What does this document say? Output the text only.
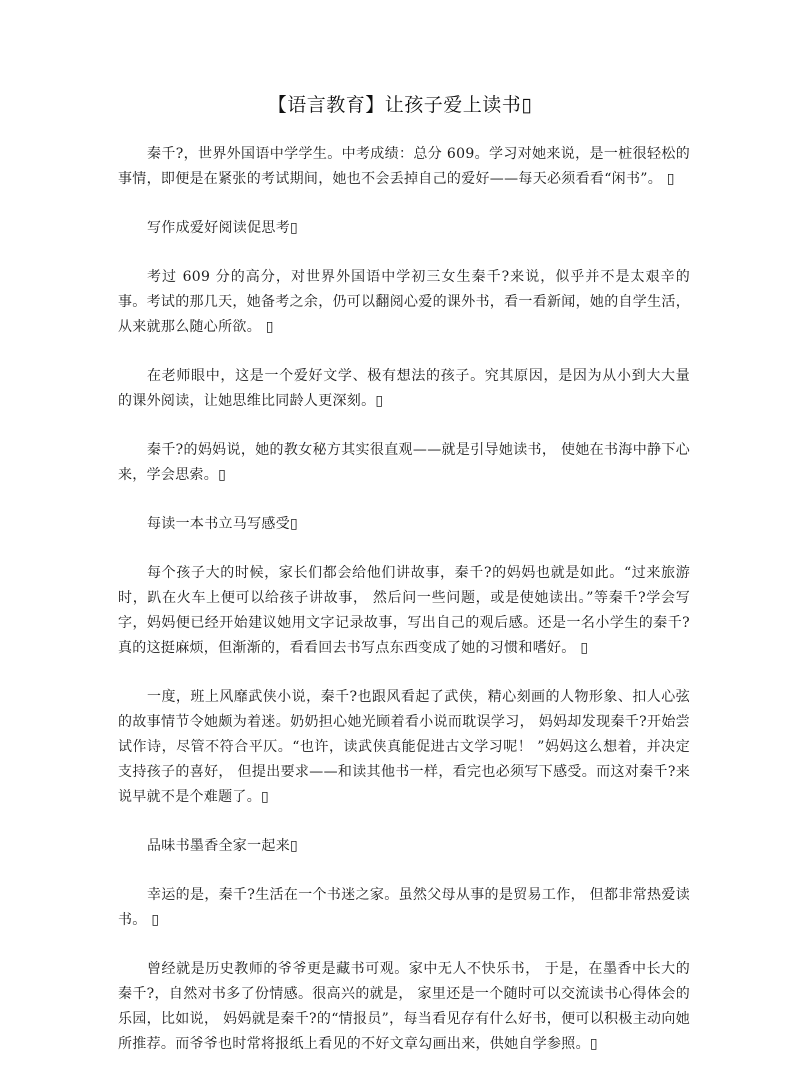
【语言教育】让孩子爱上读书▯

秦千?，世界外国语中学学生。中考成绩：总分 609。学习对她来说，是一桩很轻松的事情，即便是在紧张的考试期间，她也不会丢掉自己的爱好——每天必须看看“闲书”。 ▯

写作成爱好阅读促思考▯

考过 609 分的高分，对世界外国语中学初三女生秦千?来说，似乎并不是太艰辛的事。考试的那几天，她备考之余，仍可以翻阅心爱的课外书，看一看新闻，她的自学生活，从来就那么随心所欲。 ▯

在老师眼中，这是一个爱好文学、极有想法的孩子。究其原因，是因为从小到大大量的课外阅读，让她思维比同龄人更深刻。▯

秦千?的妈妈说，她的教女秘方其实很直观——就是引导她读书， 使她在书海中静下心来，学会思索。▯

每读一本书立马写感受▯

每个孩子大的时候，家长们都会给他们讲故事，秦千?的妈妈也就是如此。“过来旅游时，趴在火车上便可以给孩子讲故事， 然后问一些问题，或是使她读出。”等秦千?学会写字，妈妈便已经开始建议她用文字记录故事，写出自己的观后感。还是一名小学生的秦千?真的这挺麻烦，但渐渐的，看看回去书写点东西变成了她的习惯和嗜好。 ▯

一度，班上风靡武侠小说，秦千?也跟风看起了武侠，精心刻画的人物形象、扣人心弦的故事情节令她颇为着迷。奶奶担心她光顾着看小说而耽误学习， 妈妈却发现秦千?开始尝试作诗，尽管不符合平仄。“也许，读武侠真能促进古文学习呢！ ”妈妈这么想着，并决定支持孩子的喜好， 但提出要求——和读其他书一样，看完也必须写下感受。而这对秦千?来说早就不是个难题了。▯

品味书墨香全家一起来▯

幸运的是，秦千?生活在一个书迷之家。虽然父母从事的是贸易工作， 但都非常热爱读书。 ▯

曾经就是历史教师的爷爷更是藏书可观。家中无人不快乐书， 于是，在墨香中长大的秦千?，自然对书多了份情感。很高兴的就是， 家里还是一个随时可以交流读书心得体会的乐园，比如说， 妈妈就是秦千?的“情报员”，每当看见存有什么好书，便可以积极主动向她所推荐。而爷爷也时常将报纸上看见的不好文章勾画出来，供她自学参照。▯
